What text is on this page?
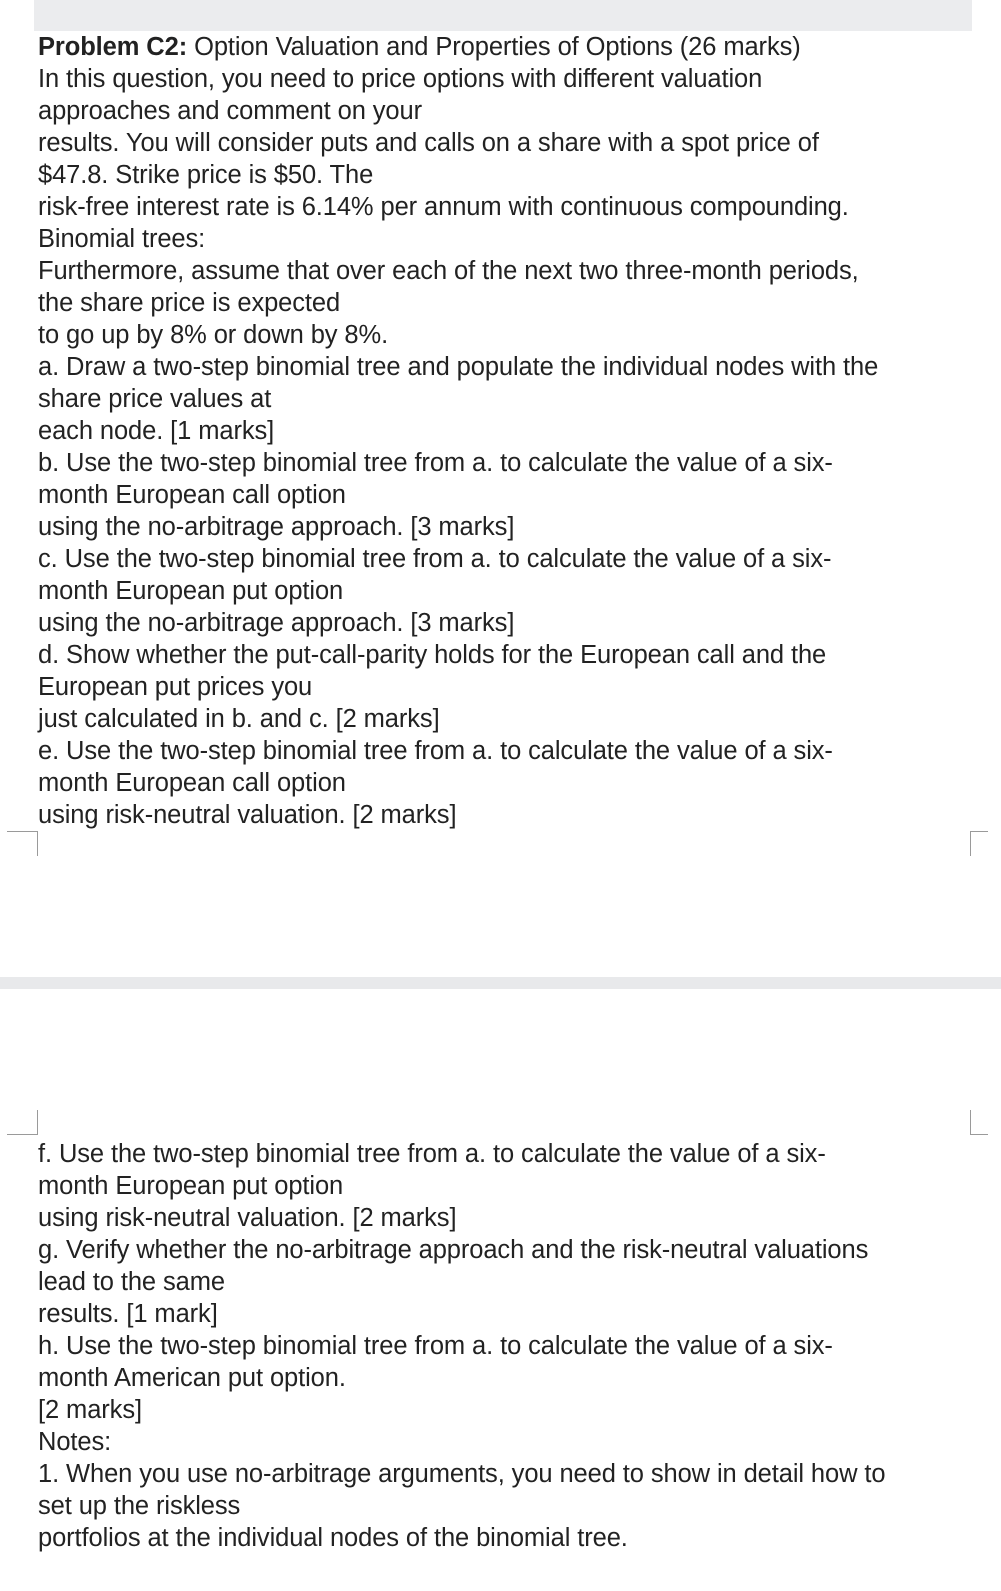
Problem C2: Option Valuation and Properties of Options (26 marks)
In this question, you need to price options with different valuation
approaches and comment on your
results. You will consider puts and calls on a share with a spot price of
$47.8. Strike price is $50. The
risk-free interest rate is 6.14% per annum with continuous compounding.
Binomial trees:
Furthermore, assume that over each of the next two three-month periods,
the share price is expected
to go up by 8% or down by 8%.
a. Draw a two-step binomial tree and populate the individual nodes with the
share price values at
each node. [1 marks]
b. Use the two-step binomial tree from a. to calculate the value of a six-
month European call option
using the no-arbitrage approach. [3 marks]
c. Use the two-step binomial tree from a. to calculate the value of a six-
month European put option
using the no-arbitrage approach. [3 marks]
d. Show whether the put-call-parity holds for the European call and the
European put prices you
just calculated in b. and c. [2 marks]
e. Use the two-step binomial tree from a. to calculate the value of a six-
month European call option
using risk-neutral valuation. [2 marks]
f. Use the two-step binomial tree from a. to calculate the value of a six-
month European put option
using risk-neutral valuation. [2 marks]
g. Verify whether the no-arbitrage approach and the risk-neutral valuations
lead to the same
results. [1 mark]
h. Use the two-step binomial tree from a. to calculate the value of a six-
month American put option.
[2 marks]
Notes:
1. When you use no-arbitrage arguments, you need to show in detail how to
set up the riskless
portfolios at the individual nodes of the binomial tree.
